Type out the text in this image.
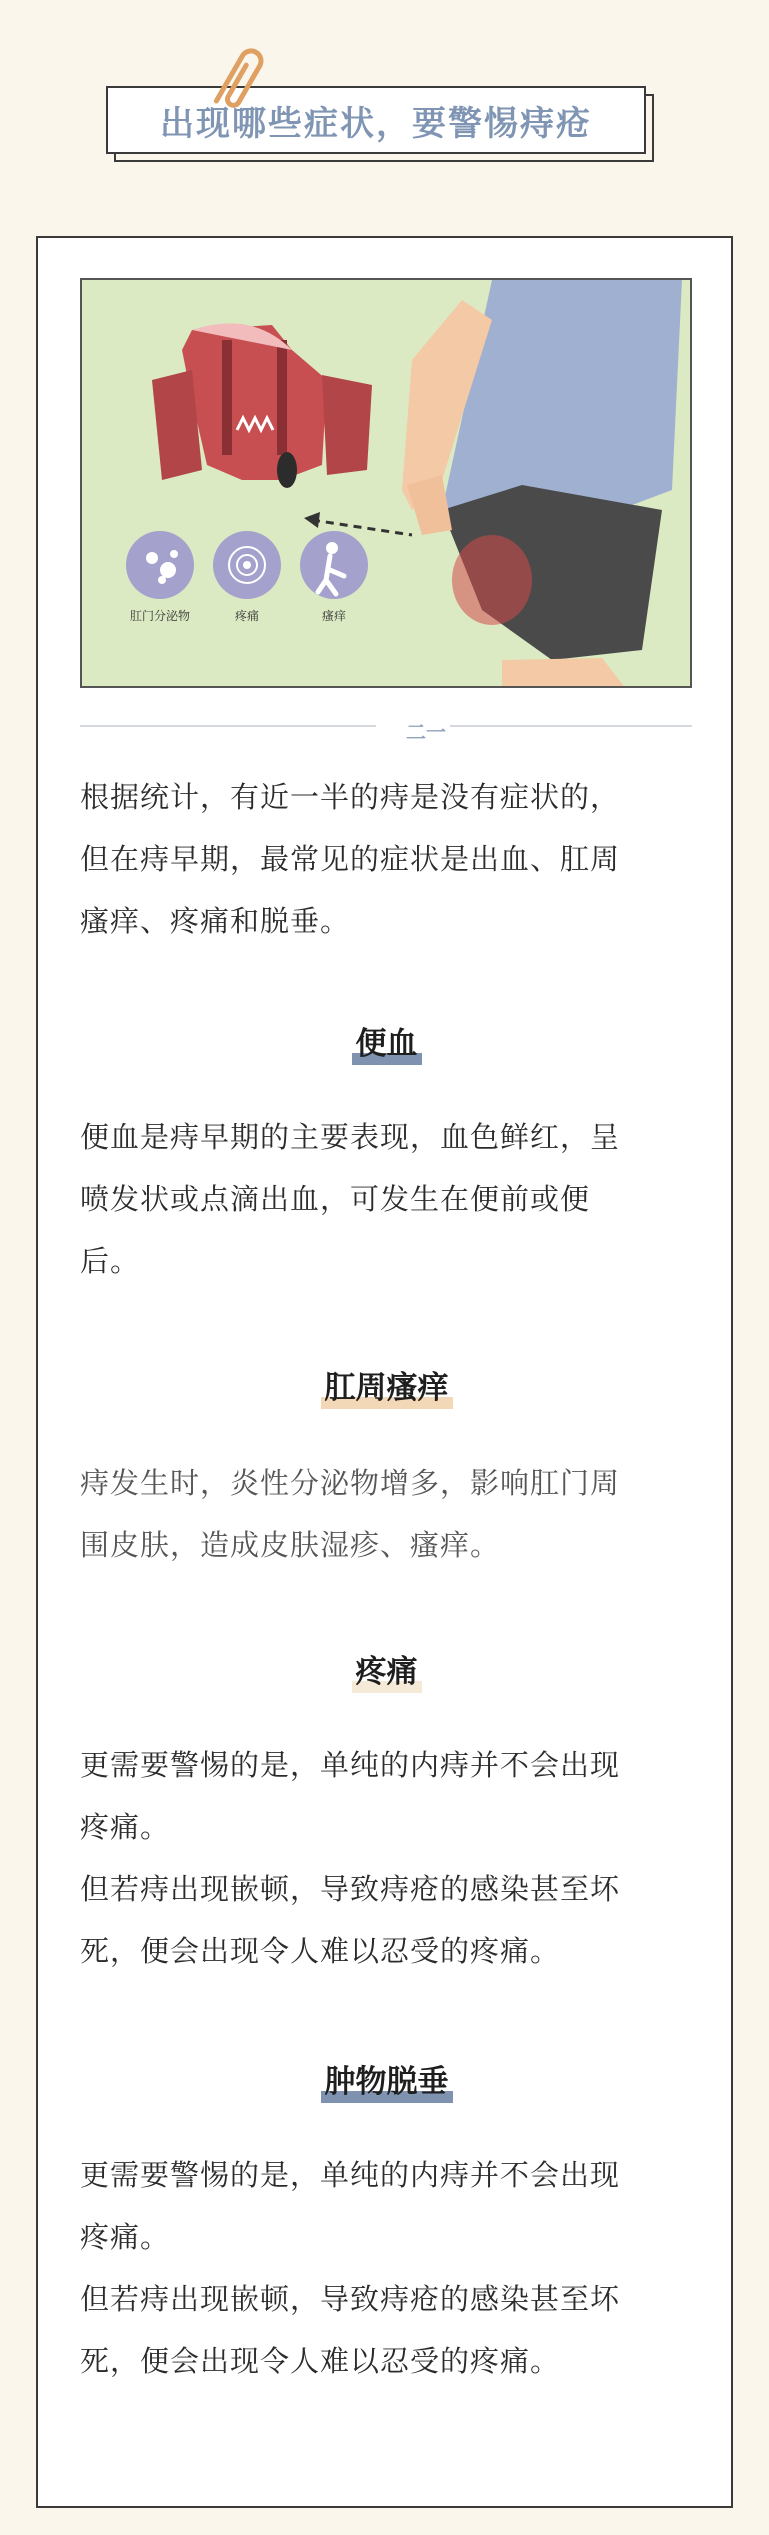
出现哪些症状，要警惕痔疮
肛门分泌物	疼痛	瘙痒
二一
根据统计，有近一半的痔是没有症状的，
但在痔早期，最常见的症状是出血、肛周
瘙痒、疼痛和脱垂。
便血
便血是痔早期的主要表现，血色鲜红，呈
喷发状或点滴出血，可发生在便前或便
后。
肛周瘙痒
痔发生时，炎性分泌物增多，影响肛门周
围皮肤，造成皮肤湿疹、瘙痒。
疼痛
更需要警惕的是，单纯的内痔并不会出现
疼痛。
但若痔出现嵌顿，导致痔疮的感染甚至坏
死，便会出现令人难以忍受的疼痛。
肿物脱垂
更需要警惕的是，单纯的内痔并不会出现
疼痛。
但若痔出现嵌顿，导致痔疮的感染甚至坏
死，便会出现令人难以忍受的疼痛。
